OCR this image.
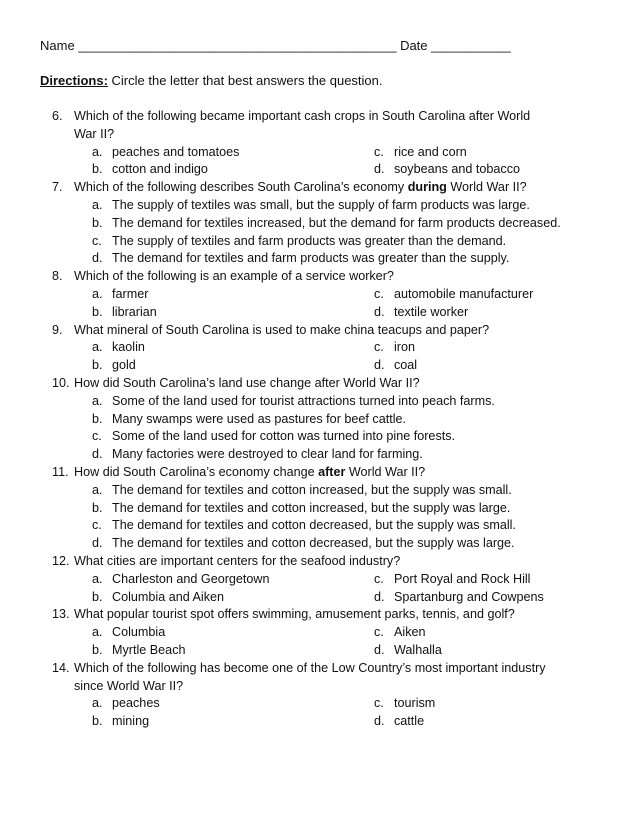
Name ____________________________________________ Date ___________
Directions: Circle the letter that best answers the question.
6. Which of the following became important cash crops in South Carolina after World
War II?
a. peaches and tomatoes	c. rice and corn
b. cotton and indigo	d. soybeans and tobacco
7. Which of the following describes South Carolina’s economy during World War II?
a. The supply of textiles was small, but the supply of farm products was large.
b. The demand for textiles increased, but the demand for farm products decreased.
c. The supply of textiles and farm products was greater than the demand.
d. The demand for textiles and farm products was greater than the supply.
8. Which of the following is an example of a service worker?
a. farmer	c. automobile manufacturer
b. librarian	d. textile worker
9. What mineral of South Carolina is used to make china teacups and paper?
a. kaolin	c. iron
b. gold	d. coal
10. How did South Carolina’s land use change after World War II?
a. Some of the land used for tourist attractions turned into peach farms.
b. Many swamps were used as pastures for beef cattle.
c. Some of the land used for cotton was turned into pine forests.
d. Many factories were destroyed to clear land for farming.
11. How did South Carolina’s economy change after World War II?
a. The demand for textiles and cotton increased, but the supply was small.
b. The demand for textiles and cotton increased, but the supply was large.
c. The demand for textiles and cotton decreased, but the supply was small.
d. The demand for textiles and cotton decreased, but the supply was large.
12. What cities are important centers for the seafood industry?
a. Charleston and Georgetown	c. Port Royal and Rock Hill
b. Columbia and Aiken	d. Spartanburg and Cowpens
13. What popular tourist spot offers swimming, amusement parks, tennis, and golf?
a. Columbia	c. Aiken
b. Myrtle Beach	d. Walhalla
14. Which of the following has become one of the Low Country’s most important industry
since World War II?
a. peaches	c. tourism
b. mining	d. cattle
